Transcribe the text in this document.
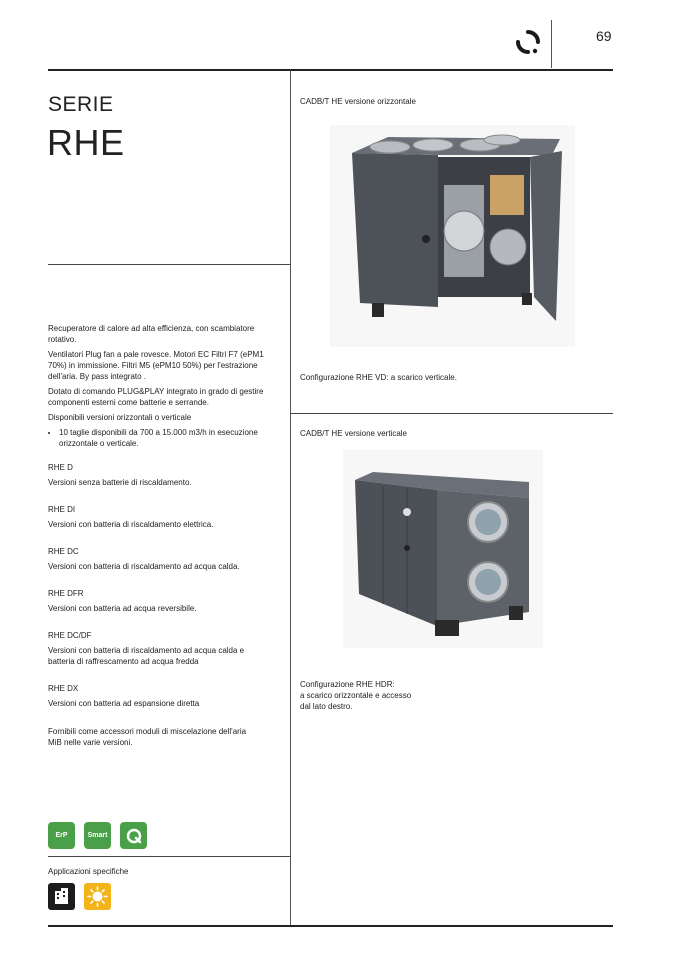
69
SERIE
RHE

Recuperatore di calore ad alta efficienza, con scambiatore rotativo.

Ventilatori Plug fan a pale rovesce. Motori EC Filtri F7 (ePM1 70%) in immissione. Filtri M5 (ePM10 50%) per l'estrazione dell'aria. By pass integrato .

Dotato di comando PLUG&PLAY integrato in grado di gestire componenti esterni come batterie e serrande.

Disponibili versioni orizzontali o verticale

• 10 taglie disponibili da 700 a 15.000 m3/h in esecuzione orizzontale o verticale.
RHE D
Versioni senza batterie di riscaldamento.
RHE DI
Versioni con batteria di riscaldamento elettrica.
RHE DC
Versioni con batteria di riscaldamento ad acqua calda.
RHE DFR
Versioni con batteria ad acqua reversibile.
RHE DC/DF
Versioni con batteria di riscaldamento ad acqua calda e batteria di raffrescamento ad acqua fredda
RHE DX
Versioni con batteria ad espansione diretta
Fornibili come accessori moduli di miscelazione dell'aria MiB nelle varie versioni.
ErP	Smart
Applicazioni specifiche
CADB/T HE versione orizzontale
Configurazione RHE VD: a scarico verticale.
CADB/T HE versione verticale
Configurazione RHE HDR:
a scarico orizzontale e accesso
dal lato destro.
